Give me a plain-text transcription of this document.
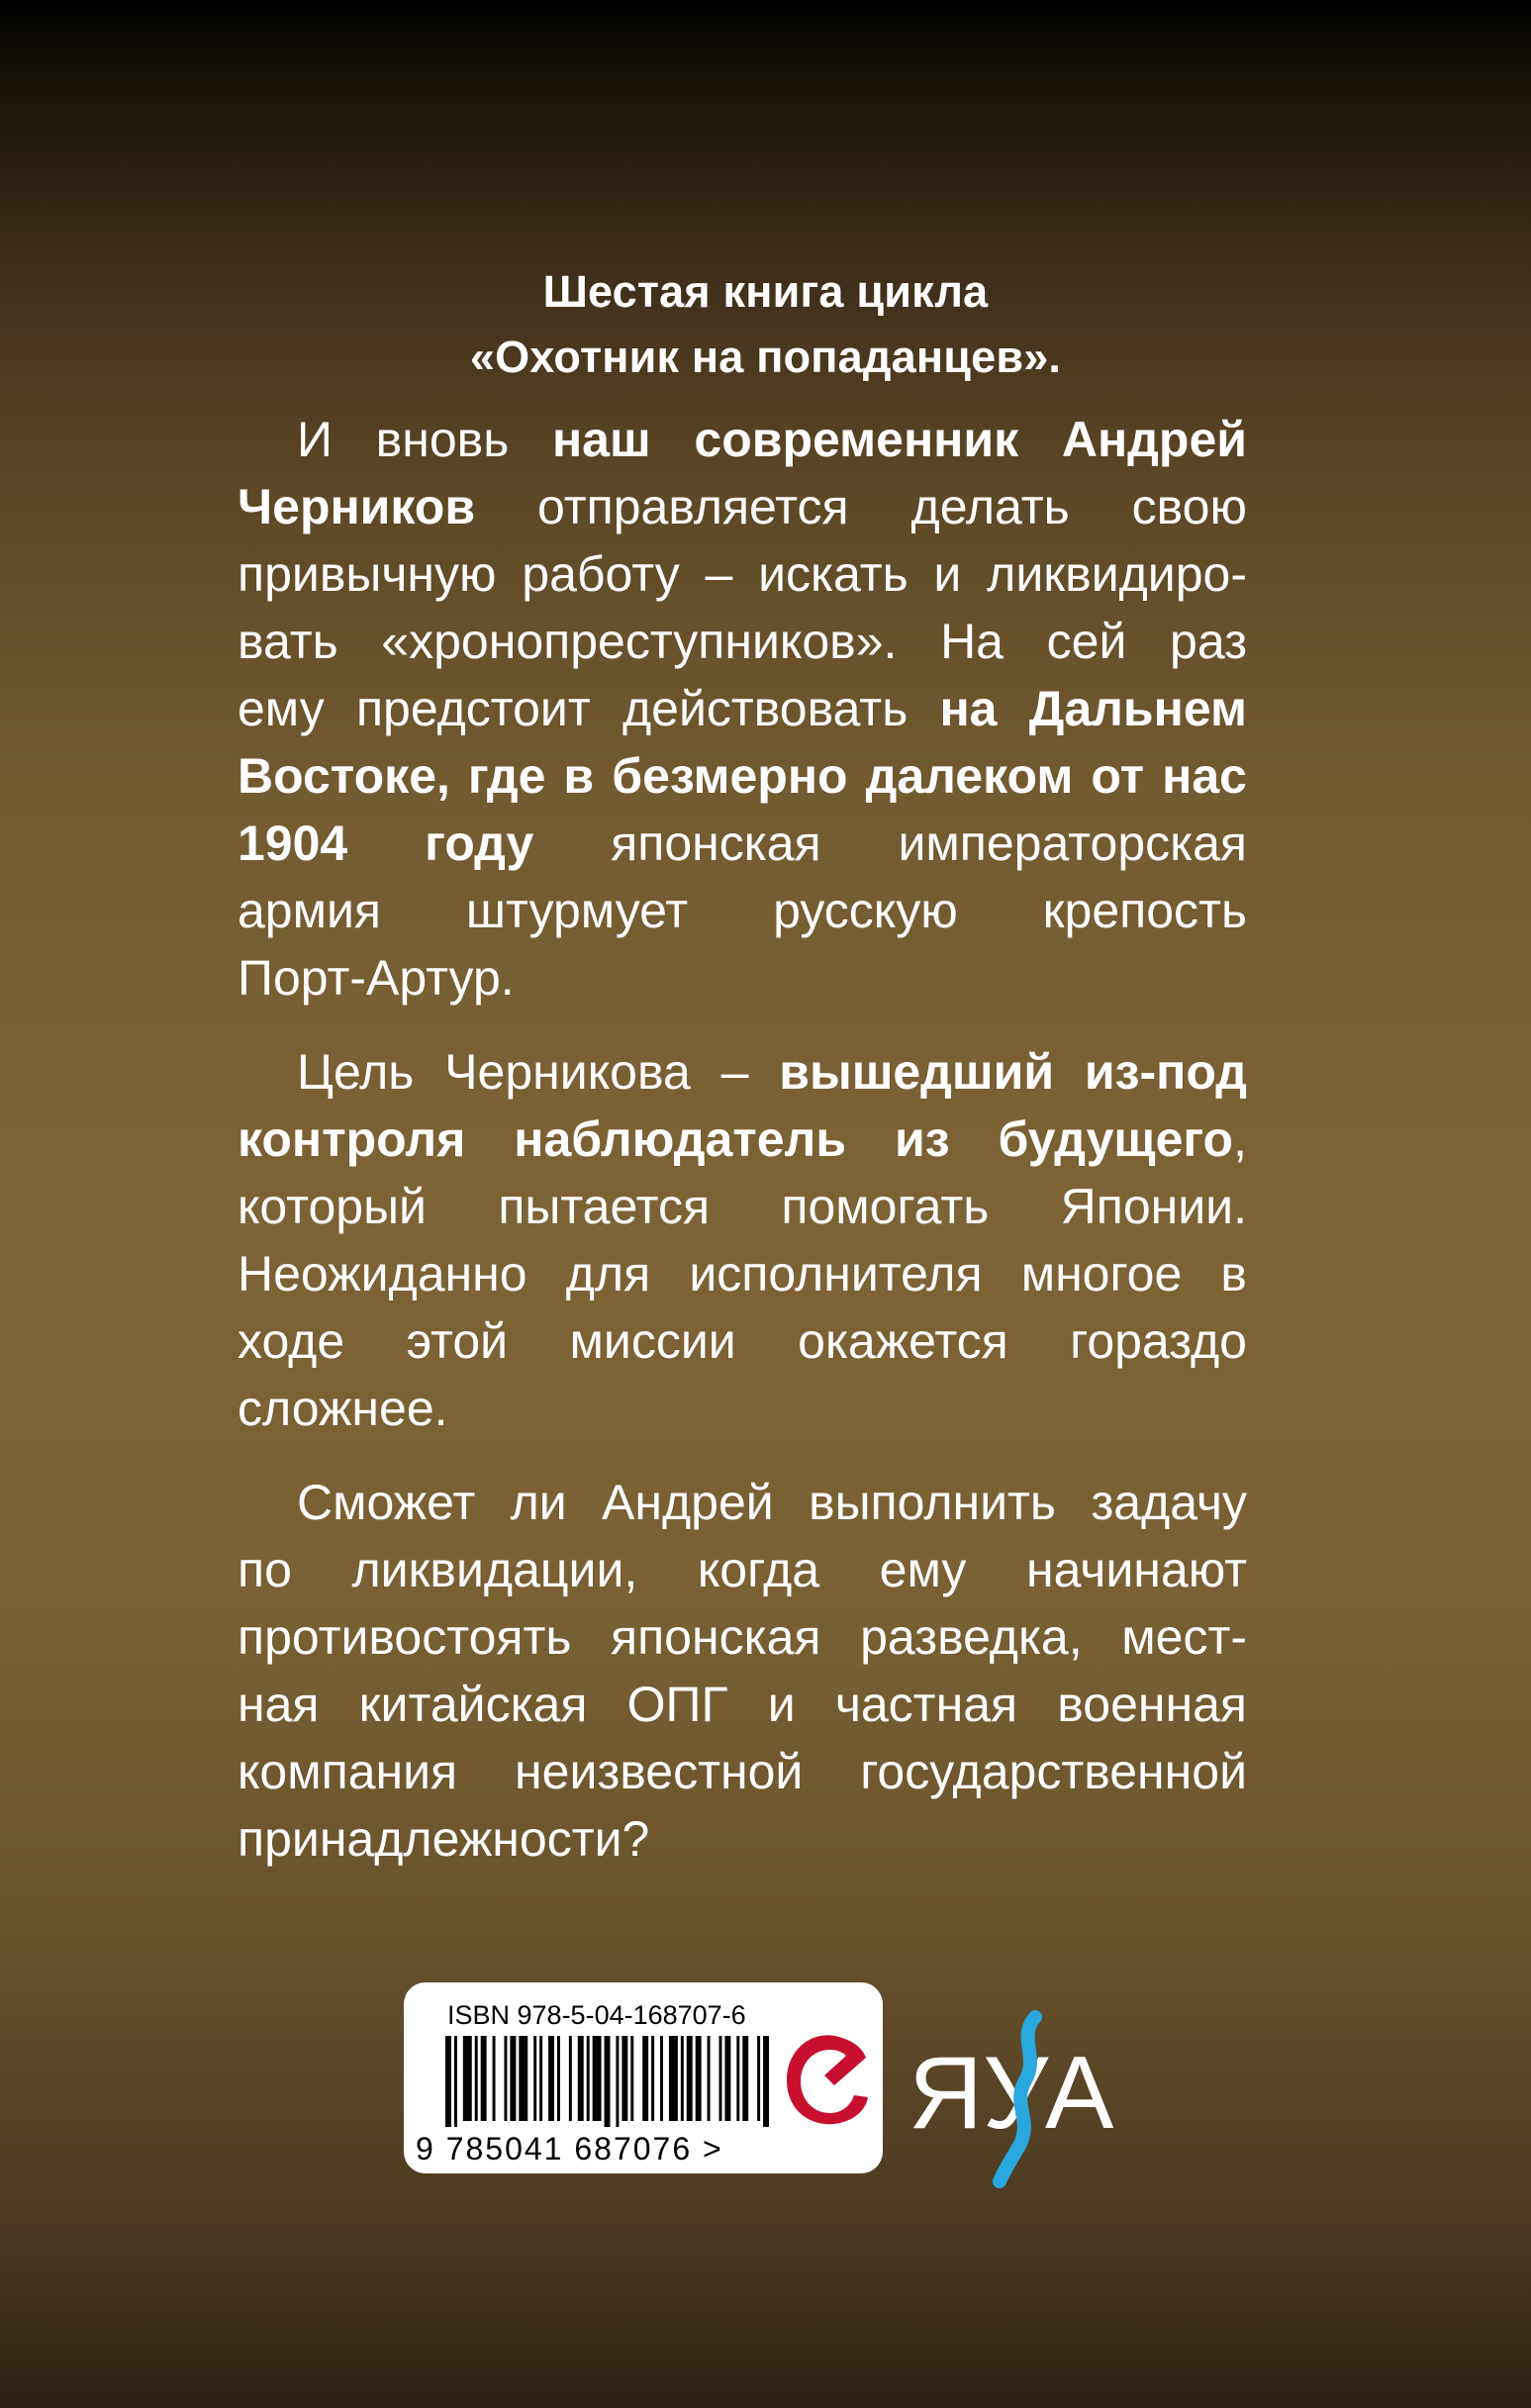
Шестая книга цикла
«Охотник на попаданцев».
И вновь наш современник Андрей
Черников отправляется делать свою
привычную работу – искать и ликвидиро-
вать «хронопреступников». На сей раз
ему предстоит действовать на Дальнем
Востоке, где в безмерно далеком от нас
1904 году японская императорская
армия штурмует русскую крепость
Порт-Артур.
Цель Черникова – вышедший из-под
контроля наблюдатель из будущего,
который пытается помогать Японии.
Неожиданно для исполнителя многое в
ходе этой миссии окажется гораздо
сложнее.
Сможет ли Андрей выполнить задачу
по ликвидации, когда ему начинают
противостоять японская разведка, мест-
ная китайская ОПГ и частная военная
компания неизвестной государственной
принадлежности?
ISBN 978-5-04-168707-6
9 785041 687076 > ЯУ
А
